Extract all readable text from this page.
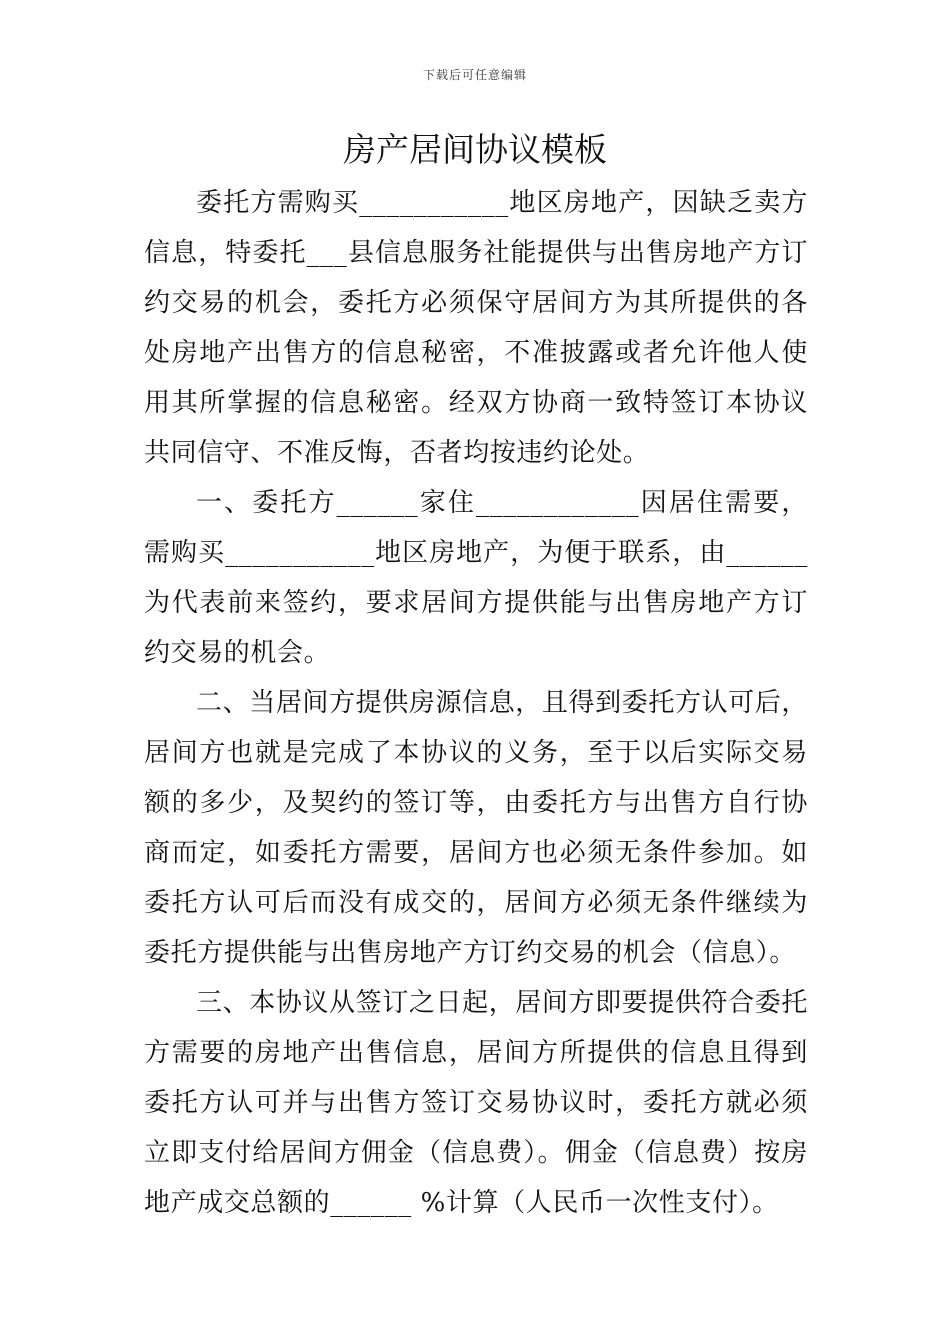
下载后可任意编辑
房产居间协议模板

委托方需购买___________地区房地产，因缺乏卖方信息，特委托___县信息服务社能提供与出售房地产方订约交易的机会，委托方必须保守居间方为其所提供的各处房地产出售方的信息秘密，不准披露或者允许他人使用其所掌握的信息秘密。经双方协商一致特签订本协议共同信守、不准反悔，否者均按违约论处。

一、委托方______家住____________因居住需要，需购买___________地区房地产，为便于联系，由______为代表前来签约，要求居间方提供能与出售房地产方订约交易的机会。

二、当居间方提供房源信息，且得到委托方认可后，居间方也就是完成了本协议的义务，至于以后实际交易额的多少，及契约的签订等，由委托方与出售方自行协商而定，如委托方需要，居间方也必须无条件参加。如委托方认可后而没有成交的，居间方必须无条件继续为委托方提供能与出售房地产方订约交易的机会（信息）。

三、本协议从签订之日起，居间方即要提供符合委托方需要的房地产出售信息，居间方所提供的信息且得到委托方认可并与出售方签订交易协议时，委托方就必须立即支付给居间方佣金（信息费）。佣金（信息费）按房地产成交总额的______ %计算（人民币一次性支付）。
